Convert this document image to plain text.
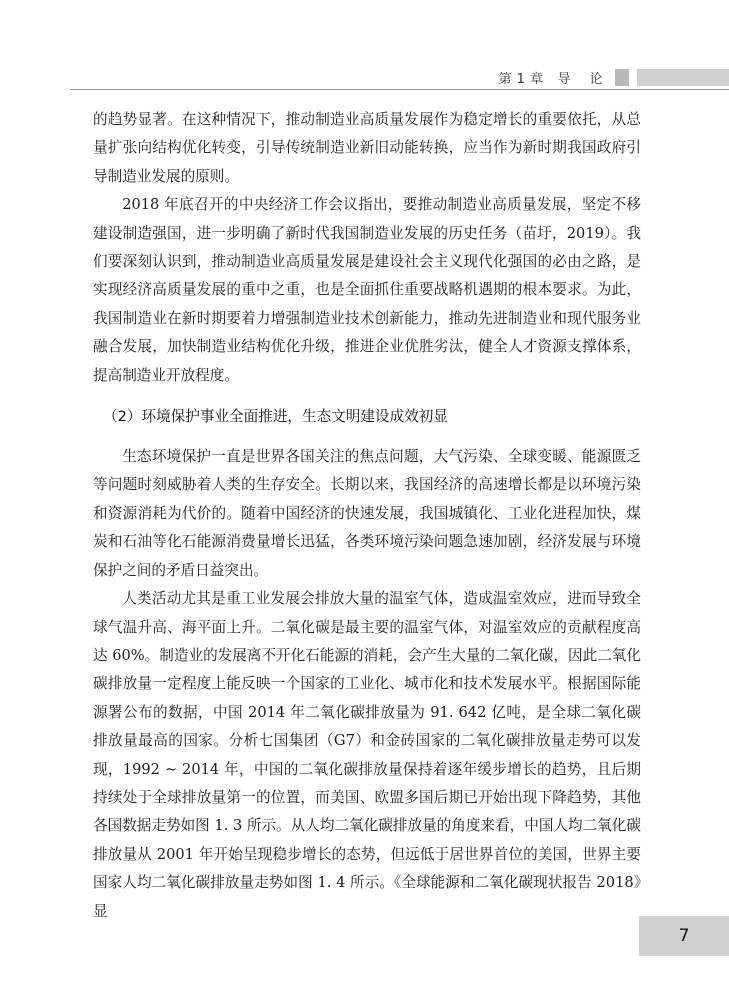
第 1 章   导    论

的趋势显著。在这种情况下，推动制造业高质量发展作为稳定增长的重要依托，从总量扩张向结构优化转变，引导传统制造业新旧动能转换，应当作为新时期我国政府引导制造业发展的原则。

2018 年底召开的中央经济工作会议指出，要推动制造业高质量发展，坚定不移建设制造强国，进一步明确了新时代我国制造业发展的历史任务（苗圩，2019）。我们要深刻认识到，推动制造业高质量发展是建设社会主义现代化强国的必由之路，是实现经济高质量发展的重中之重，也是全面抓住重要战略机遇期的根本要求。为此，我国制造业在新时期要着力增强制造业技术创新能力，推动先进制造业和现代服务业融合发展，加快制造业结构优化升级，推进企业优胜劣汰，健全人才资源支撑体系，提高制造业开放程度。

（2）环境保护事业全面推进，生态文明建设成效初显

生态环境保护一直是世界各国关注的焦点问题，大气污染、全球变暖、能源匮乏等问题时刻威胁着人类的生存安全。长期以来，我国经济的高速增长都是以环境污染和资源消耗为代价的。随着中国经济的快速发展，我国城镇化、工业化进程加快，煤炭和石油等化石能源消费量增长迅猛，各类环境污染问题急速加剧，经济发展与环境保护之间的矛盾日益突出。

人类活动尤其是重工业发展会排放大量的温室气体，造成温室效应，进而导致全球气温升高、海平面上升。二氧化碳是最主要的温室气体，对温室效应的贡献程度高达 60%。制造业的发展离不开化石能源的消耗，会产生大量的二氧化碳，因此二氧化碳排放量一定程度上能反映一个国家的工业化、城市化和技术发展水平。根据国际能源署公布的数据，中国 2014 年二氧化碳排放量为 91. 642 亿吨，是全球二氧化碳排放量最高的国家。分析七国集团（G7）和金砖国家的二氧化碳排放量走势可以发现，1992 ~ 2014 年，中国的二氧化碳排放量保持着逐年缓步增长的趋势，且后期持续处于全球排放量第一的位置，而美国、欧盟多国后期已开始出现下降趋势，其他各国数据走势如图 1. 3 所示。从人均二氧化碳排放量的角度来看，中国人均二氧化碳排放量从 2001 年开始呈现稳步增长的态势，但远低于居世界首位的美国，世界主要国家人均二氧化碳排放量走势如图 1. 4 所示。《全球能源和二氧化碳现状报告 2018》显

7
